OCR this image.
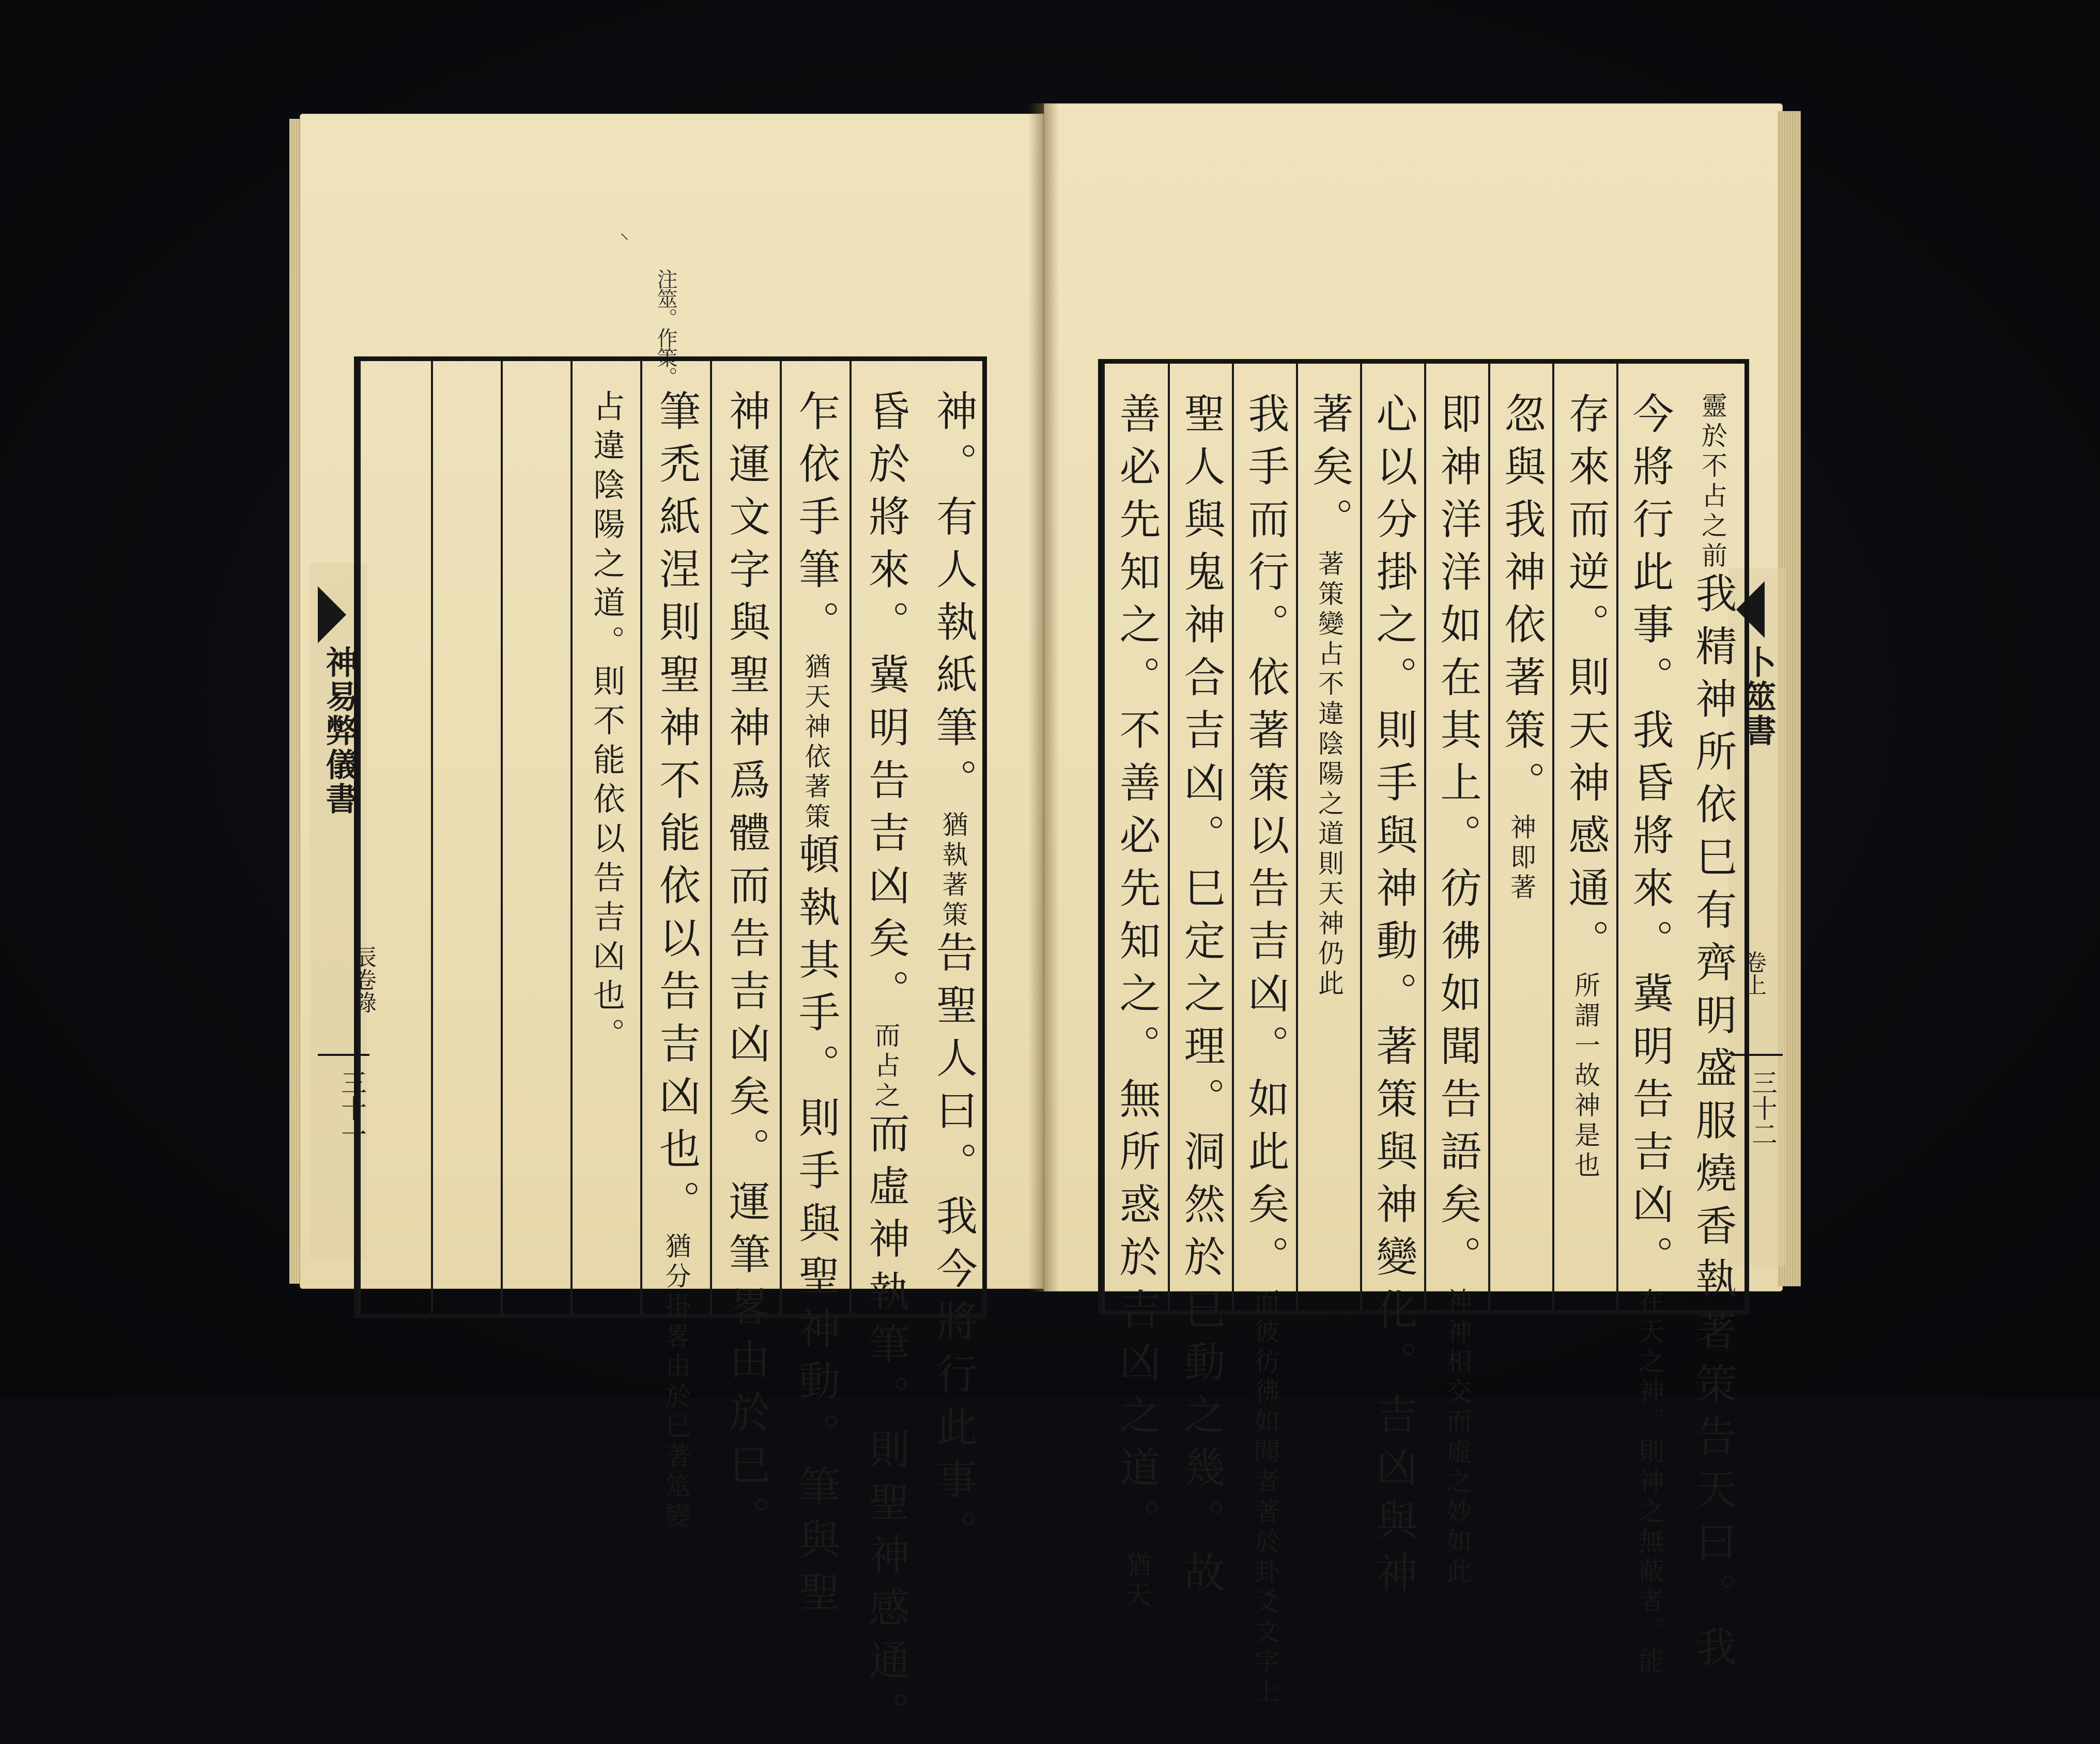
⸌
注筮。作策。
神易弊儀書
辰卷錄
三十一
神。有人執紙筆。猶執著策告聖人曰。我今將行此事。
昏於將來。冀明告吉凶矣。而占之而虛神執筆。則聖神感通。
乍依手筆。猶天神依著策頓執其手。則手與聖神動。筆與聖
神運文字與聖神爲體而告吉凶矣。運筆畧由於巳。
筆禿紙涅則聖神不能依以告吉凶也。猶分掛畧由於巳著筮變
占違陰陽之道。則不能依以告吉凶也。	卜筮書
卷上
三十二
靈於不占之前我精神所依巳有齊明盛服燒香執著策告天曰。我
今將行此事。我昏將來。冀明告吉凶。在天之神。則神之無蔽者。能
存來而逆。則天神感通。所謂一故神是也
忽與我神依著策。神即著
即神洋洋如在其上。彷彿如聞告語矣。神神相交而虛之妙如此
心以分掛之。則手與神動。著策與神變化。吉凶與神
著矣。著策變占不違陰陽之道則天神仍此
我手而行。依著策以告吉凶。如此矣。而彼彷彿如聞者著於卦爻文字上
聖人與鬼神合吉凶。巳定之理。洞然於巳動之幾。故
善必先知之。不善必先知之。無所惑於吉凶之道。猶天
